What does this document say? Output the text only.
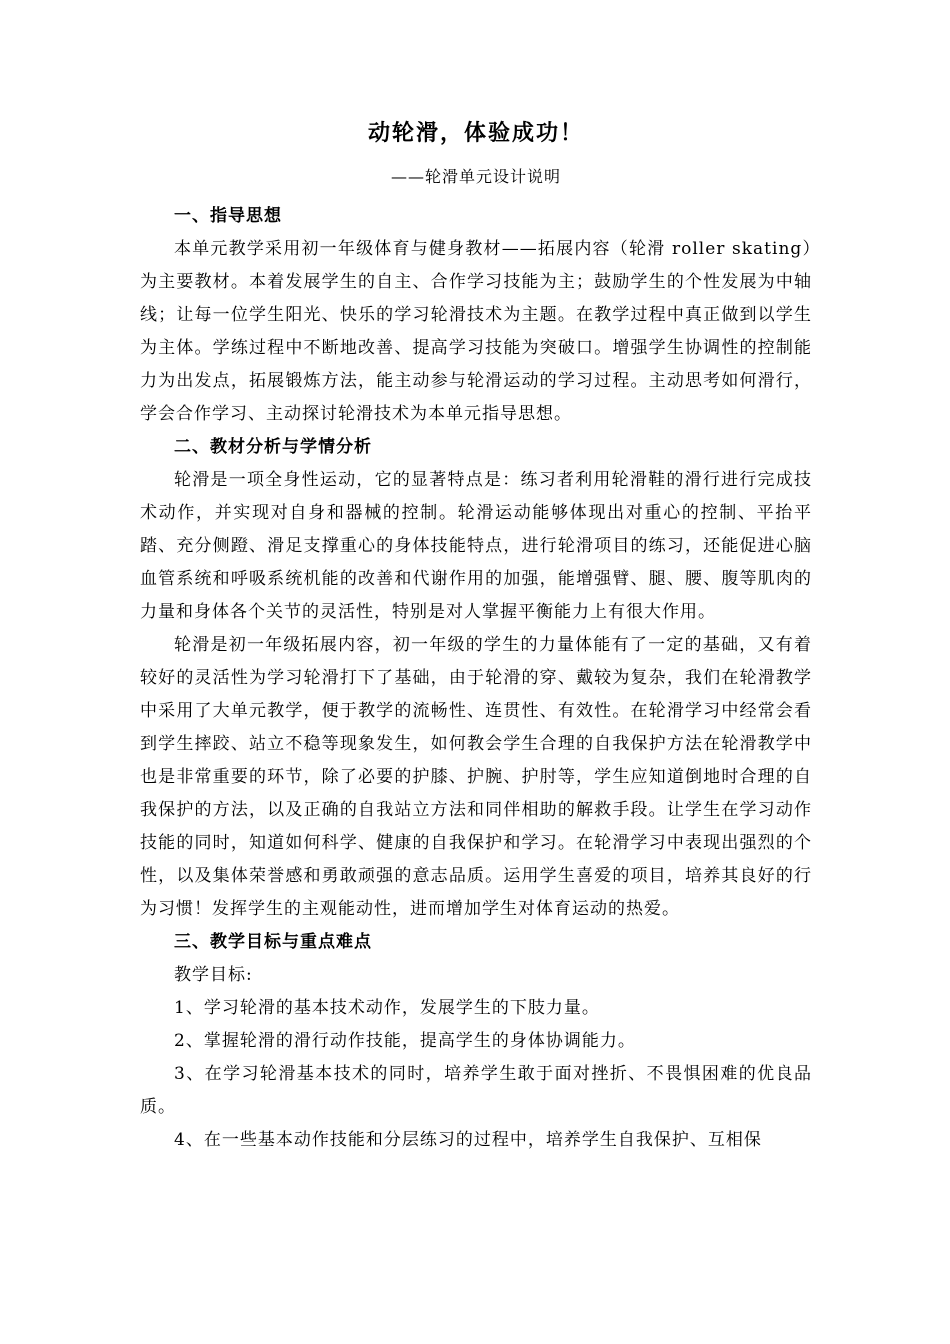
动轮滑，体验成功！
——轮滑单元设计说明
一、指导思想

本单元教学采用初一年级体育与健身教材——拓展内容（轮滑 roller skating）为主要教材。本着发展学生的自主、合作学习技能为主；鼓励学生的个性发展为中轴线；让每一位学生阳光、快乐的学习轮滑技术为主题。在教学过程中真正做到以学生为主体。学练过程中不断地改善、提高学习技能为突破口。增强学生协调性的控制能力为出发点，拓展锻炼方法，能主动参与轮滑运动的学习过程。主动思考如何滑行，学会合作学习、主动探讨轮滑技术为本单元指导思想。

二、教材分析与学情分析

轮滑是一项全身性运动，它的显著特点是：练习者利用轮滑鞋的滑行进行完成技术动作，并实现对自身和器械的控制。轮滑运动能够体现出对重心的控制、平抬平踏、充分侧蹬、滑足支撑重心的身体技能特点，进行轮滑项目的练习，还能促进心脑血管系统和呼吸系统机能的改善和代谢作用的加强，能增强臂、腿、腰、腹等肌肉的力量和身体各个关节的灵活性，特别是对人掌握平衡能力上有很大作用。

轮滑是初一年级拓展内容，初一年级的学生的力量体能有了一定的基础，又有着较好的灵活性为学习轮滑打下了基础，由于轮滑的穿、戴较为复杂，我们在轮滑教学中采用了大单元教学，便于教学的流畅性、连贯性、有效性。在轮滑学习中经常会看到学生摔跤、站立不稳等现象发生，如何教会学生合理的自我保护方法在轮滑教学中也是非常重要的环节，除了必要的护膝、护腕、护肘等，学生应知道倒地时合理的自我保护的方法，以及正确的自我站立方法和同伴相助的解救手段。让学生在学习动作技能的同时，知道如何科学、健康的自我保护和学习。在轮滑学习中表现出强烈的个性，以及集体荣誉感和勇敢顽强的意志品质。运用学生喜爱的项目，培养其良好的行为习惯！发挥学生的主观能动性，进而增加学生对体育运动的热爱。

三、教学目标与重点难点

教学目标:

1、学习轮滑的基本技术动作，发展学生的下肢力量。

2、掌握轮滑的滑行动作技能，提高学生的身体协调能力。

3、在学习轮滑基本技术的同时，培养学生敢于面对挫折、不畏惧困难的优良品质。

4、在一些基本动作技能和分层练习的过程中，培养学生自我保护、互相保
